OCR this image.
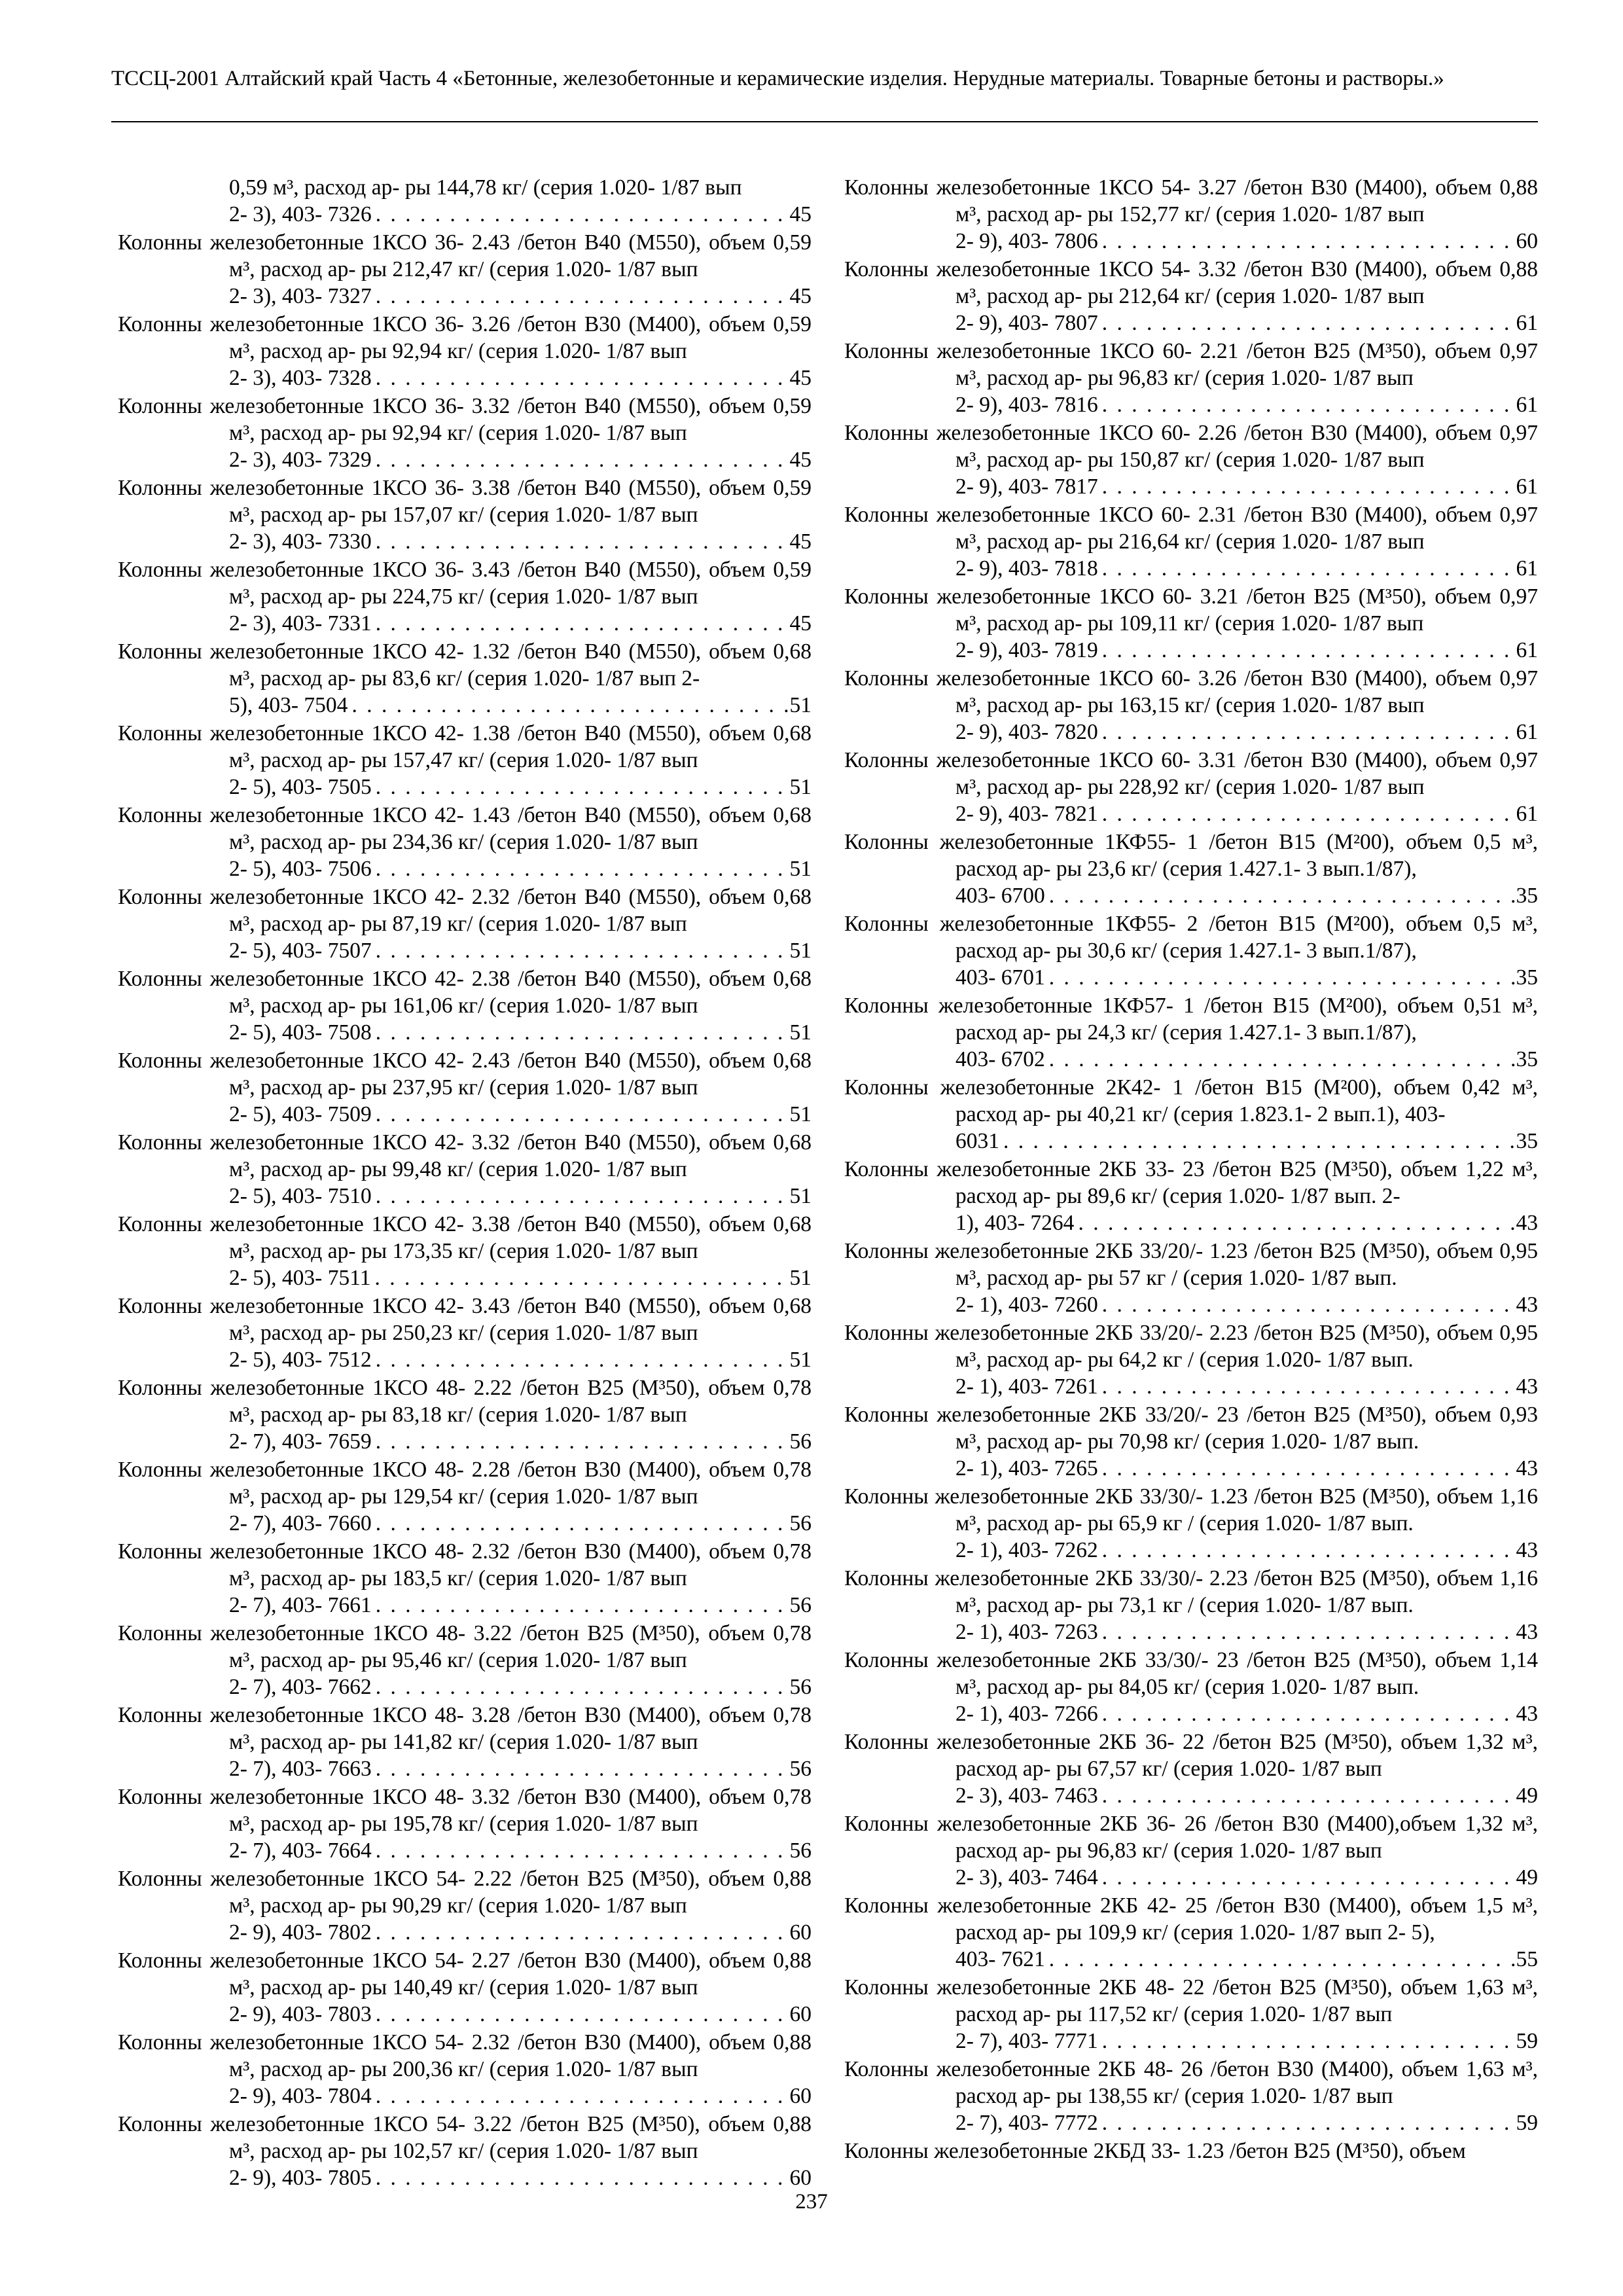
ТССЦ-2001 Алтайский край Часть 4 «Бетонные, железобетонные и керамические изделия. Нерудные материалы. Товарные бетоны и растворы.»
0,59 м³, расход ар- ры 144,78 кг/ (серия 1.020- 1/87 вып
2- 3), 403- 7326 . . .	45
Колонны железобетонные 1КСО 36- 2.43 /бетон В40 (М550), объем 0,59 м³, расход ар- ры 212,47 кг/ (серия 1.020- 1/87 вып
2- 3), 403- 7327 . . .	45
Колонны железобетонные 1КСО 36- 3.26 /бетон В30 (М400), объем 0,59 м³, расход ар- ры 92,94 кг/ (серия 1.020- 1/87 вып
2- 3), 403- 7328 . . .	45
Колонны железобетонные 1КСО 36- 3.32 /бетон В40 (М550), объем 0,59 м³, расход ар- ры 92,94 кг/ (серия 1.020- 1/87 вып
2- 3), 403- 7329 . . .	45
Колонны железобетонные 1КСО 36- 3.38 /бетон В40 (М550), объем 0,59 м³, расход ар- ры 157,07 кг/ (серия 1.020- 1/87 вып
2- 3), 403- 7330 . . .	45
Колонны железобетонные 1КСО 36- 3.43 /бетон В40 (М550), объем 0,59 м³, расход ар- ры 224,75 кг/ (серия 1.020- 1/87 вып
2- 3), 403- 7331 . . .	45
Колонны железобетонные 1КСО 42- 1.32 /бетон В40 (М550), объем 0,68 м³, расход ар- ры 83,6 кг/ (серия 1.020- 1/87 вып 2-
5), 403- 7504 . . .	51
Колонны железобетонные 1КСО 42- 1.38 /бетон В40 (М550), объем 0,68 м³, расход ар- ры 157,47 кг/ (серия 1.020- 1/87 вып
2- 5), 403- 7505 . . .	51
Колонны железобетонные 1КСО 42- 1.43 /бетон В40 (М550), объем 0,68 м³, расход ар- ры 234,36 кг/ (серия 1.020- 1/87 вып
2- 5), 403- 7506 . . .	51
Колонны железобетонные 1КСО 42- 2.32 /бетон В40 (М550), объем 0,68 м³, расход ар- ры 87,19 кг/ (серия 1.020- 1/87 вып
2- 5), 403- 7507 . . .	51
Колонны железобетонные 1КСО 42- 2.38 /бетон В40 (М550), объем 0,68 м³, расход ар- ры 161,06 кг/ (серия 1.020- 1/87 вып
2- 5), 403- 7508 . . .	51
Колонны железобетонные 1КСО 42- 2.43 /бетон В40 (М550), объем 0,68 м³, расход ар- ры 237,95 кг/ (серия 1.020- 1/87 вып
2- 5), 403- 7509 . . .	51
Колонны железобетонные 1КСО 42- 3.32 /бетон В40 (М550), объем 0,68 м³, расход ар- ры 99,48 кг/ (серия 1.020- 1/87 вып
2- 5), 403- 7510 . . .	51
Колонны железобетонные 1КСО 42- 3.38 /бетон В40 (М550), объем 0,68 м³, расход ар- ры 173,35 кг/ (серия 1.020- 1/87 вып
2- 5), 403- 7511 . . .	51
Колонны железобетонные 1КСО 42- 3.43 /бетон В40 (М550), объем 0,68 м³, расход ар- ры 250,23 кг/ (серия 1.020- 1/87 вып
2- 5), 403- 7512 . . .	51
Колонны железобетонные 1КСО 48- 2.22 /бетон В25 (М³50), объем 0,78 м³, расход ар- ры 83,18 кг/ (серия 1.020- 1/87 вып
2- 7), 403- 7659 . . .	56
Колонны железобетонные 1КСО 48- 2.28 /бетон В30 (М400), объем 0,78 м³, расход ар- ры 129,54 кг/ (серия 1.020- 1/87 вып
2- 7), 403- 7660 . . .	56
Колонны железобетонные 1КСО 48- 2.32 /бетон В30 (М400), объем 0,78 м³, расход ар- ры 183,5 кг/ (серия 1.020- 1/87 вып
2- 7), 403- 7661 . . .	56
Колонны железобетонные 1КСО 48- 3.22 /бетон В25 (М³50), объем 0,78 м³, расход ар- ры 95,46 кг/ (серия 1.020- 1/87 вып
2- 7), 403- 7662 . . .	56
Колонны железобетонные 1КСО 48- 3.28 /бетон В30 (М400), объем 0,78 м³, расход ар- ры 141,82 кг/ (серия 1.020- 1/87 вып
2- 7), 403- 7663 . . .	56
Колонны железобетонные 1КСО 48- 3.32 /бетон В30 (М400), объем 0,78 м³, расход ар- ры 195,78 кг/ (серия 1.020- 1/87 вып
2- 7), 403- 7664 . . .	56
Колонны железобетонные 1КСО 54- 2.22 /бетон В25 (М³50), объем 0,88 м³, расход ар- ры 90,29 кг/ (серия 1.020- 1/87 вып
2- 9), 403- 7802 . . .	60
Колонны железобетонные 1КСО 54- 2.27 /бетон В30 (М400), объем 0,88 м³, расход ар- ры 140,49 кг/ (серия 1.020- 1/87 вып
2- 9), 403- 7803 . . .	60
Колонны железобетонные 1КСО 54- 2.32 /бетон В30 (М400), объем 0,88 м³, расход ар- ры 200,36 кг/ (серия 1.020- 1/87 вып
2- 9), 403- 7804 . . .	60
Колонны железобетонные 1КСО 54- 3.22 /бетон В25 (М³50), объем 0,88 м³, расход ар- ры 102,57 кг/ (серия 1.020- 1/87 вып
2- 9), 403- 7805 . . .	60
Колонны железобетонные 1КСО 54- 3.27 /бетон В30 (М400), объем 0,88 м³, расход ар- ры 152,77 кг/ (серия 1.020- 1/87 вып
2- 9), 403- 7806 . . .	60
Колонны железобетонные 1КСО 54- 3.32 /бетон В30 (М400), объем 0,88 м³, расход ар- ры 212,64 кг/ (серия 1.020- 1/87 вып
2- 9), 403- 7807 . . .	61
Колонны железобетонные 1КСО 60- 2.21 /бетон В25 (М³50), объем 0,97 м³, расход ар- ры 96,83 кг/ (серия 1.020- 1/87 вып
2- 9), 403- 7816 . . .	61
Колонны железобетонные 1КСО 60- 2.26 /бетон В30 (М400), объем 0,97 м³, расход ар- ры 150,87 кг/ (серия 1.020- 1/87 вып
2- 9), 403- 7817 . . .	61
Колонны железобетонные 1КСО 60- 2.31 /бетон В30 (М400), объем 0,97 м³, расход ар- ры 216,64 кг/ (серия 1.020- 1/87 вып
2- 9), 403- 7818 . . .	61
Колонны железобетонные 1КСО 60- 3.21 /бетон В25 (М³50), объем 0,97 м³, расход ар- ры 109,11 кг/ (серия 1.020- 1/87 вып
2- 9), 403- 7819 . . .	61
Колонны железобетонные 1КСО 60- 3.26 /бетон В30 (М400), объем 0,97 м³, расход ар- ры 163,15 кг/ (серия 1.020- 1/87 вып
2- 9), 403- 7820 . . .	61
Колонны железобетонные 1КСО 60- 3.31 /бетон В30 (М400), объем 0,97 м³, расход ар- ры 228,92 кг/ (серия 1.020- 1/87 вып
2- 9), 403- 7821 . . .	61
Колонны железобетонные 1КФ55- 1 /бетон В15 (М²00), объем 0,5 м³, расход ар- ры 23,6 кг/ (серия 1.427.1- 3 вып.1/87),
403- 6700 . . .	35
Колонны железобетонные 1КФ55- 2 /бетон В15 (М²00), объем 0,5 м³, расход ар- ры 30,6 кг/ (серия 1.427.1- 3 вып.1/87),
403- 6701 . . .	35
Колонны железобетонные 1КФ57- 1 /бетон В15 (М²00), объем 0,51 м³, расход ар- ры 24,3 кг/ (серия 1.427.1- 3 вып.1/87),
403- 6702 . . .	35
Колонны железобетонные 2К42- 1 /бетон В15 (М²00), объем 0,42 м³, расход ар- ры 40,21 кг/ (серия 1.823.1- 2 вып.1), 403-
6031 . . .	35
Колонны железобетонные 2КБ 33- 23 /бетон В25 (М³50), объем 1,22 м³, расход ар- ры 89,6 кг/ (серия 1.020- 1/87 вып. 2-
1), 403- 7264 . . .	43
Колонны железобетонные 2КБ 33/20/- 1.23 /бетон В25 (М³50), объем 0,95 м³, расход ар- ры 57 кг / (серия 1.020- 1/87 вып.
2- 1), 403- 7260 . . .	43
Колонны железобетонные 2КБ 33/20/- 2.23 /бетон В25 (М³50), объем 0,95 м³, расход ар- ры 64,2 кг / (серия 1.020- 1/87 вып.
2- 1), 403- 7261 . . .	43
Колонны железобетонные 2КБ 33/20/- 23 /бетон В25 (М³50), объем 0,93 м³, расход ар- ры 70,98 кг/ (серия 1.020- 1/87 вып.
2- 1), 403- 7265 . . .	43
Колонны железобетонные 2КБ 33/30/- 1.23 /бетон В25 (М³50), объем 1,16 м³, расход ар- ры 65,9 кг / (серия 1.020- 1/87 вып.
2- 1), 403- 7262 . . .	43
Колонны железобетонные 2КБ 33/30/- 2.23 /бетон В25 (М³50), объем 1,16 м³, расход ар- ры 73,1 кг / (серия 1.020- 1/87 вып.
2- 1), 403- 7263 . . .	43
Колонны железобетонные 2КБ 33/30/- 23 /бетон В25 (М³50), объем 1,14 м³, расход ар- ры 84,05 кг/ (серия 1.020- 1/87 вып.
2- 1), 403- 7266 . . .	43
Колонны железобетонные 2КБ 36- 22 /бетон В25 (М³50), объем 1,32 м³, расход ар- ры 67,57 кг/ (серия 1.020- 1/87 вып
2- 3), 403- 7463 . . .	49
Колонны железобетонные 2КБ 36- 26 /бетон В30 (М400),объем 1,32 м³, расход ар- ры 96,83 кг/ (серия 1.020- 1/87 вып
2- 3), 403- 7464 . . .	49
Колонны железобетонные 2КБ 42- 25 /бетон В30 (М400), объем 1,5 м³, расход ар- ры 109,9 кг/ (серия 1.020- 1/87 вып 2- 5),
403- 7621 . . .	55
Колонны железобетонные 2КБ 48- 22 /бетон В25 (М³50), объем 1,63 м³, расход ар- ры 117,52 кг/ (серия 1.020- 1/87 вып
2- 7), 403- 7771 . . .	59
Колонны железобетонные 2КБ 48- 26 /бетон В30 (М400), объем 1,63 м³, расход ар- ры 138,55 кг/ (серия 1.020- 1/87 вып
2- 7), 403- 7772 . . .	59
Колонны железобетонные 2КБД 33- 1.23 /бетон В25 (М³50), объем
237
